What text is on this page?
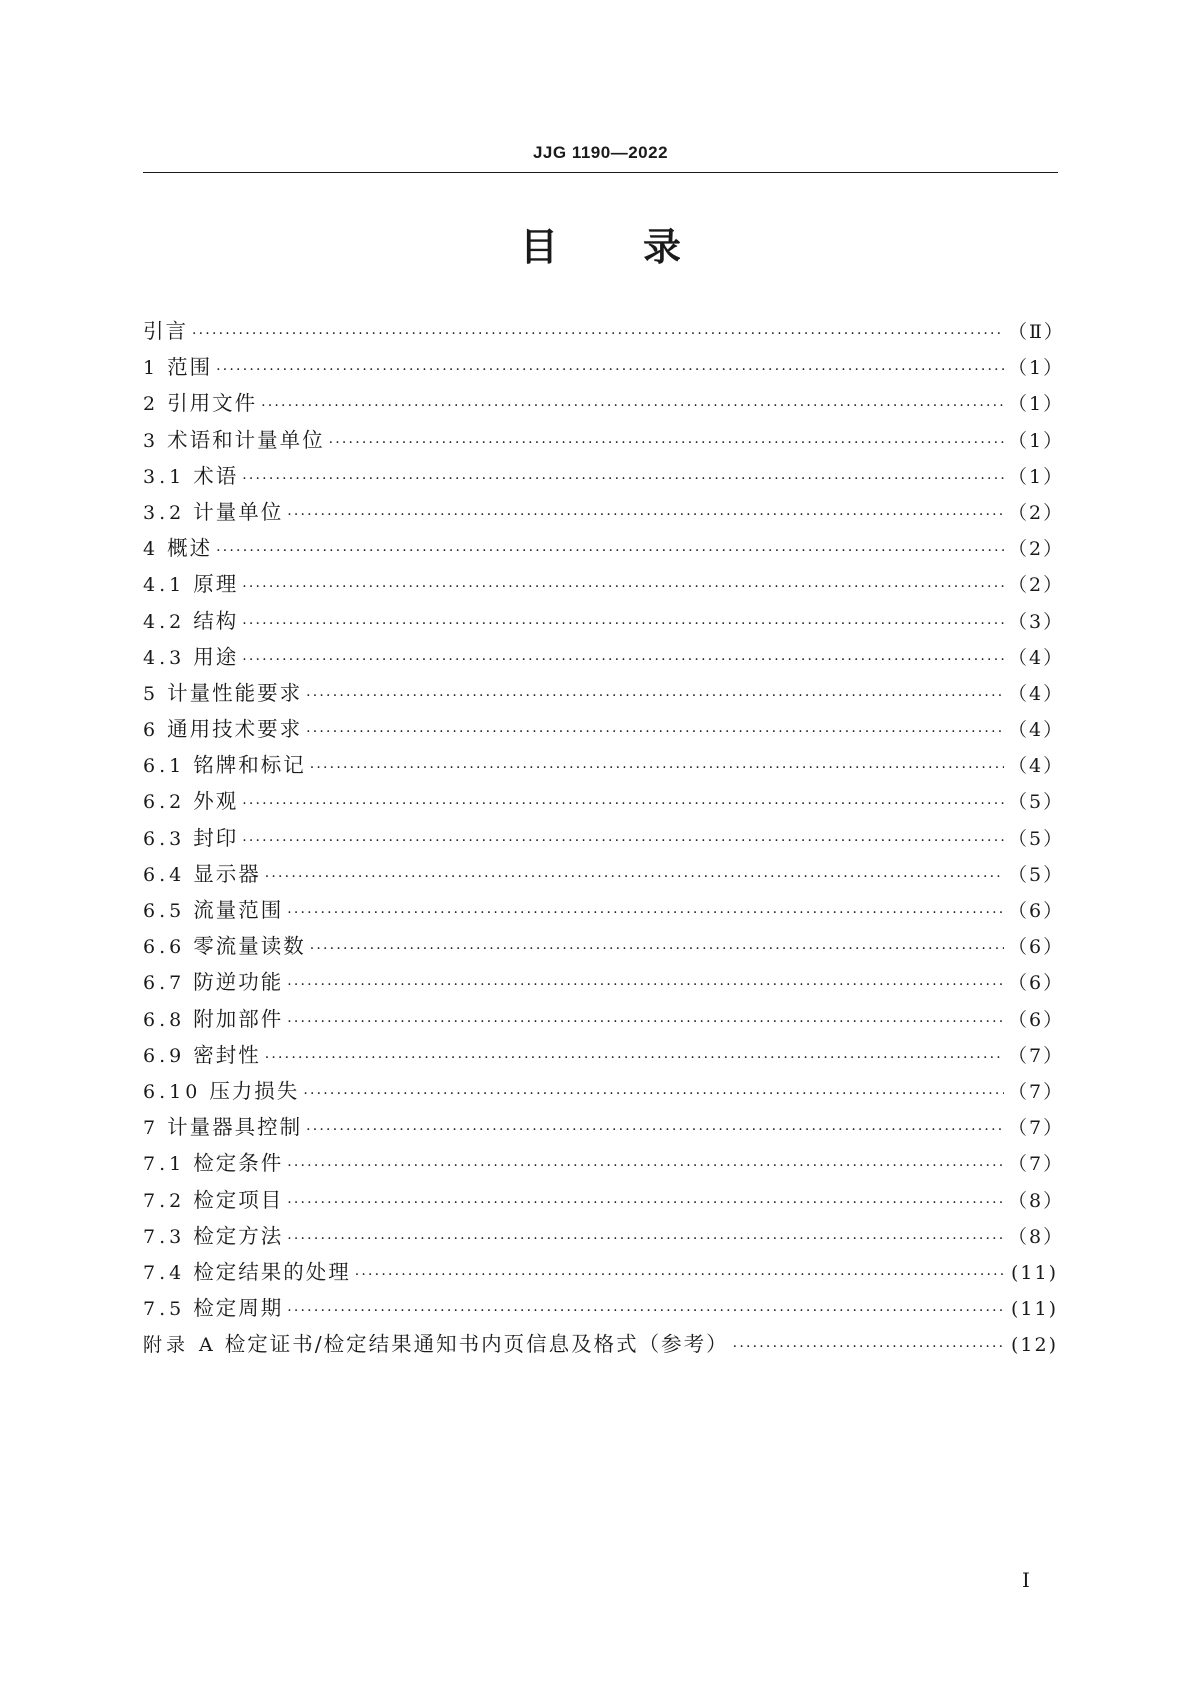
JJG 1190—2022
目 录
引言 ·····	（Ⅱ）
1 范围 ·····	（1）
2 引用文件 ·····	（1）
3 术语和计量单位 ·····	（1）
3.1 术语 ·····	（1）
3.2 计量单位 ·····	（2）
4 概述 ·····	（2）
4.1 原理 ·····	（2）
4.2 结构 ·····	（3）
4.3 用途 ·····	（4）
5 计量性能要求 ·····	（4）
6 通用技术要求 ·····	（4）
6.1 铭牌和标记 ·····	（4）
6.2 外观 ·····	（5）
6.3 封印 ·····	（5）
6.4 显示器 ·····	（5）
6.5 流量范围 ·····	（6）
6.6 零流量读数 ·····	（6）
6.7 防逆功能 ·····	（6）
6.8 附加部件 ·····	（6）
6.9 密封性 ·····	（7）
6.10 压力损失 ·····	（7）
7 计量器具控制 ·····	（7）
7.1 检定条件 ·····	（7）
7.2 检定项目 ·····	（8）
7.3 检定方法 ·····	（8）
7.4 检定结果的处理 ·····	(11)
7.5 检定周期 ·····	(11)
附录 A 检定证书/检定结果通知书内页信息及格式（参考） ·····	(12)
Ⅰ
